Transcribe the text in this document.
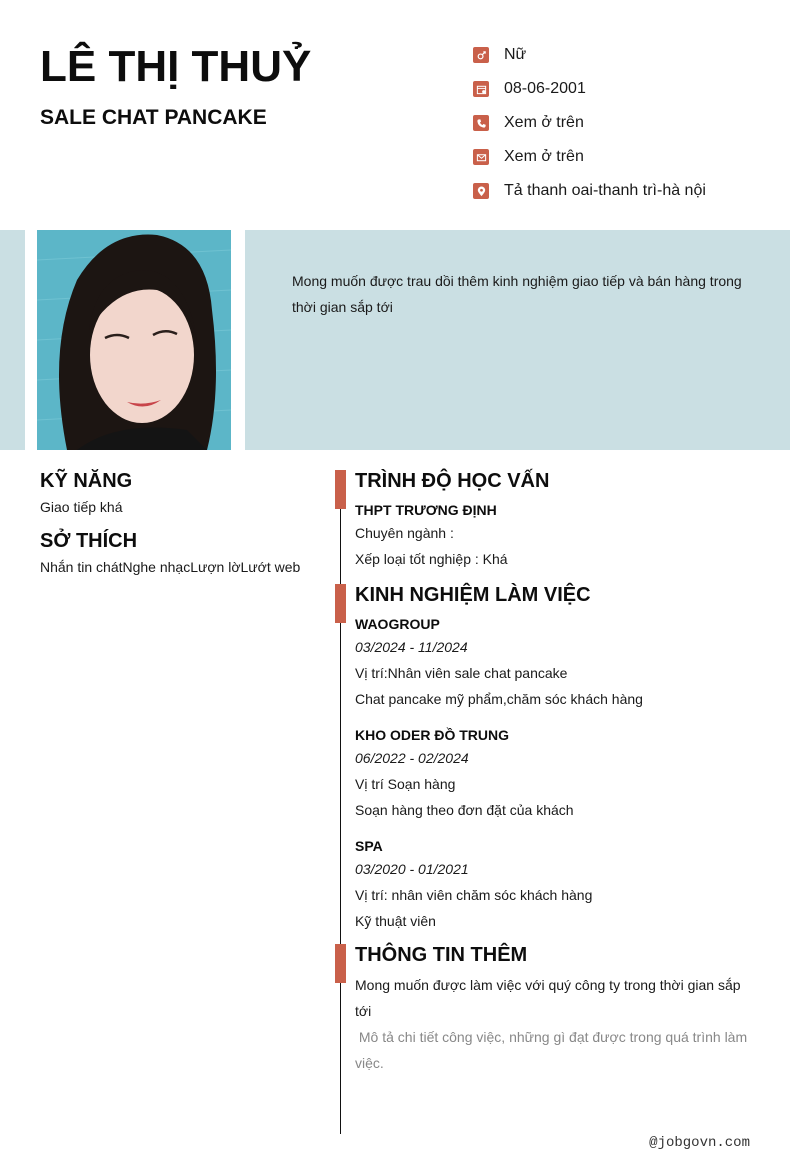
LÊ THỊ THUỶ
SALE CHAT PANCAKE
Nữ
08-06-2001
Xem ở trên
Xem ở trên
Tả thanh oai-thanh trì-hà nội
Mong muốn được trau dồi thêm kinh nghiệm giao tiếp và bán hàng trong thời gian sắp tới
KỸ NĂNG
Giao tiếp khá
SỞ THÍCH
Nhắn tin chátNghe nhạcLượn lờLướt web
TRÌNH ĐỘ HỌC VẤN
THPT TRƯƠNG ĐỊNH
Chuyên ngành :
Xếp loại tốt nghiệp : Khá
KINH NGHIỆM LÀM VIỆC
WAOGROUP
03/2024 - 11/2024
Vị trí:Nhân viên sale chat pancake
Chat pancake mỹ phẩm,chăm sóc khách hàng
KHO ODER ĐỒ TRUNG
06/2022 - 02/2024
Vị trí Soạn hàng
Soạn hàng theo đơn đặt của khách
SPA
03/2020 - 01/2021
Vị trí: nhân viên chăm sóc khách hàng
Kỹ thuật viên
THÔNG TIN THÊM
Mong muốn được làm việc với quý công ty trong thời gian sắp tới
Mô tả chi tiết công việc, những gì đạt được trong quá trình làm việc.
@jobgovn.com
